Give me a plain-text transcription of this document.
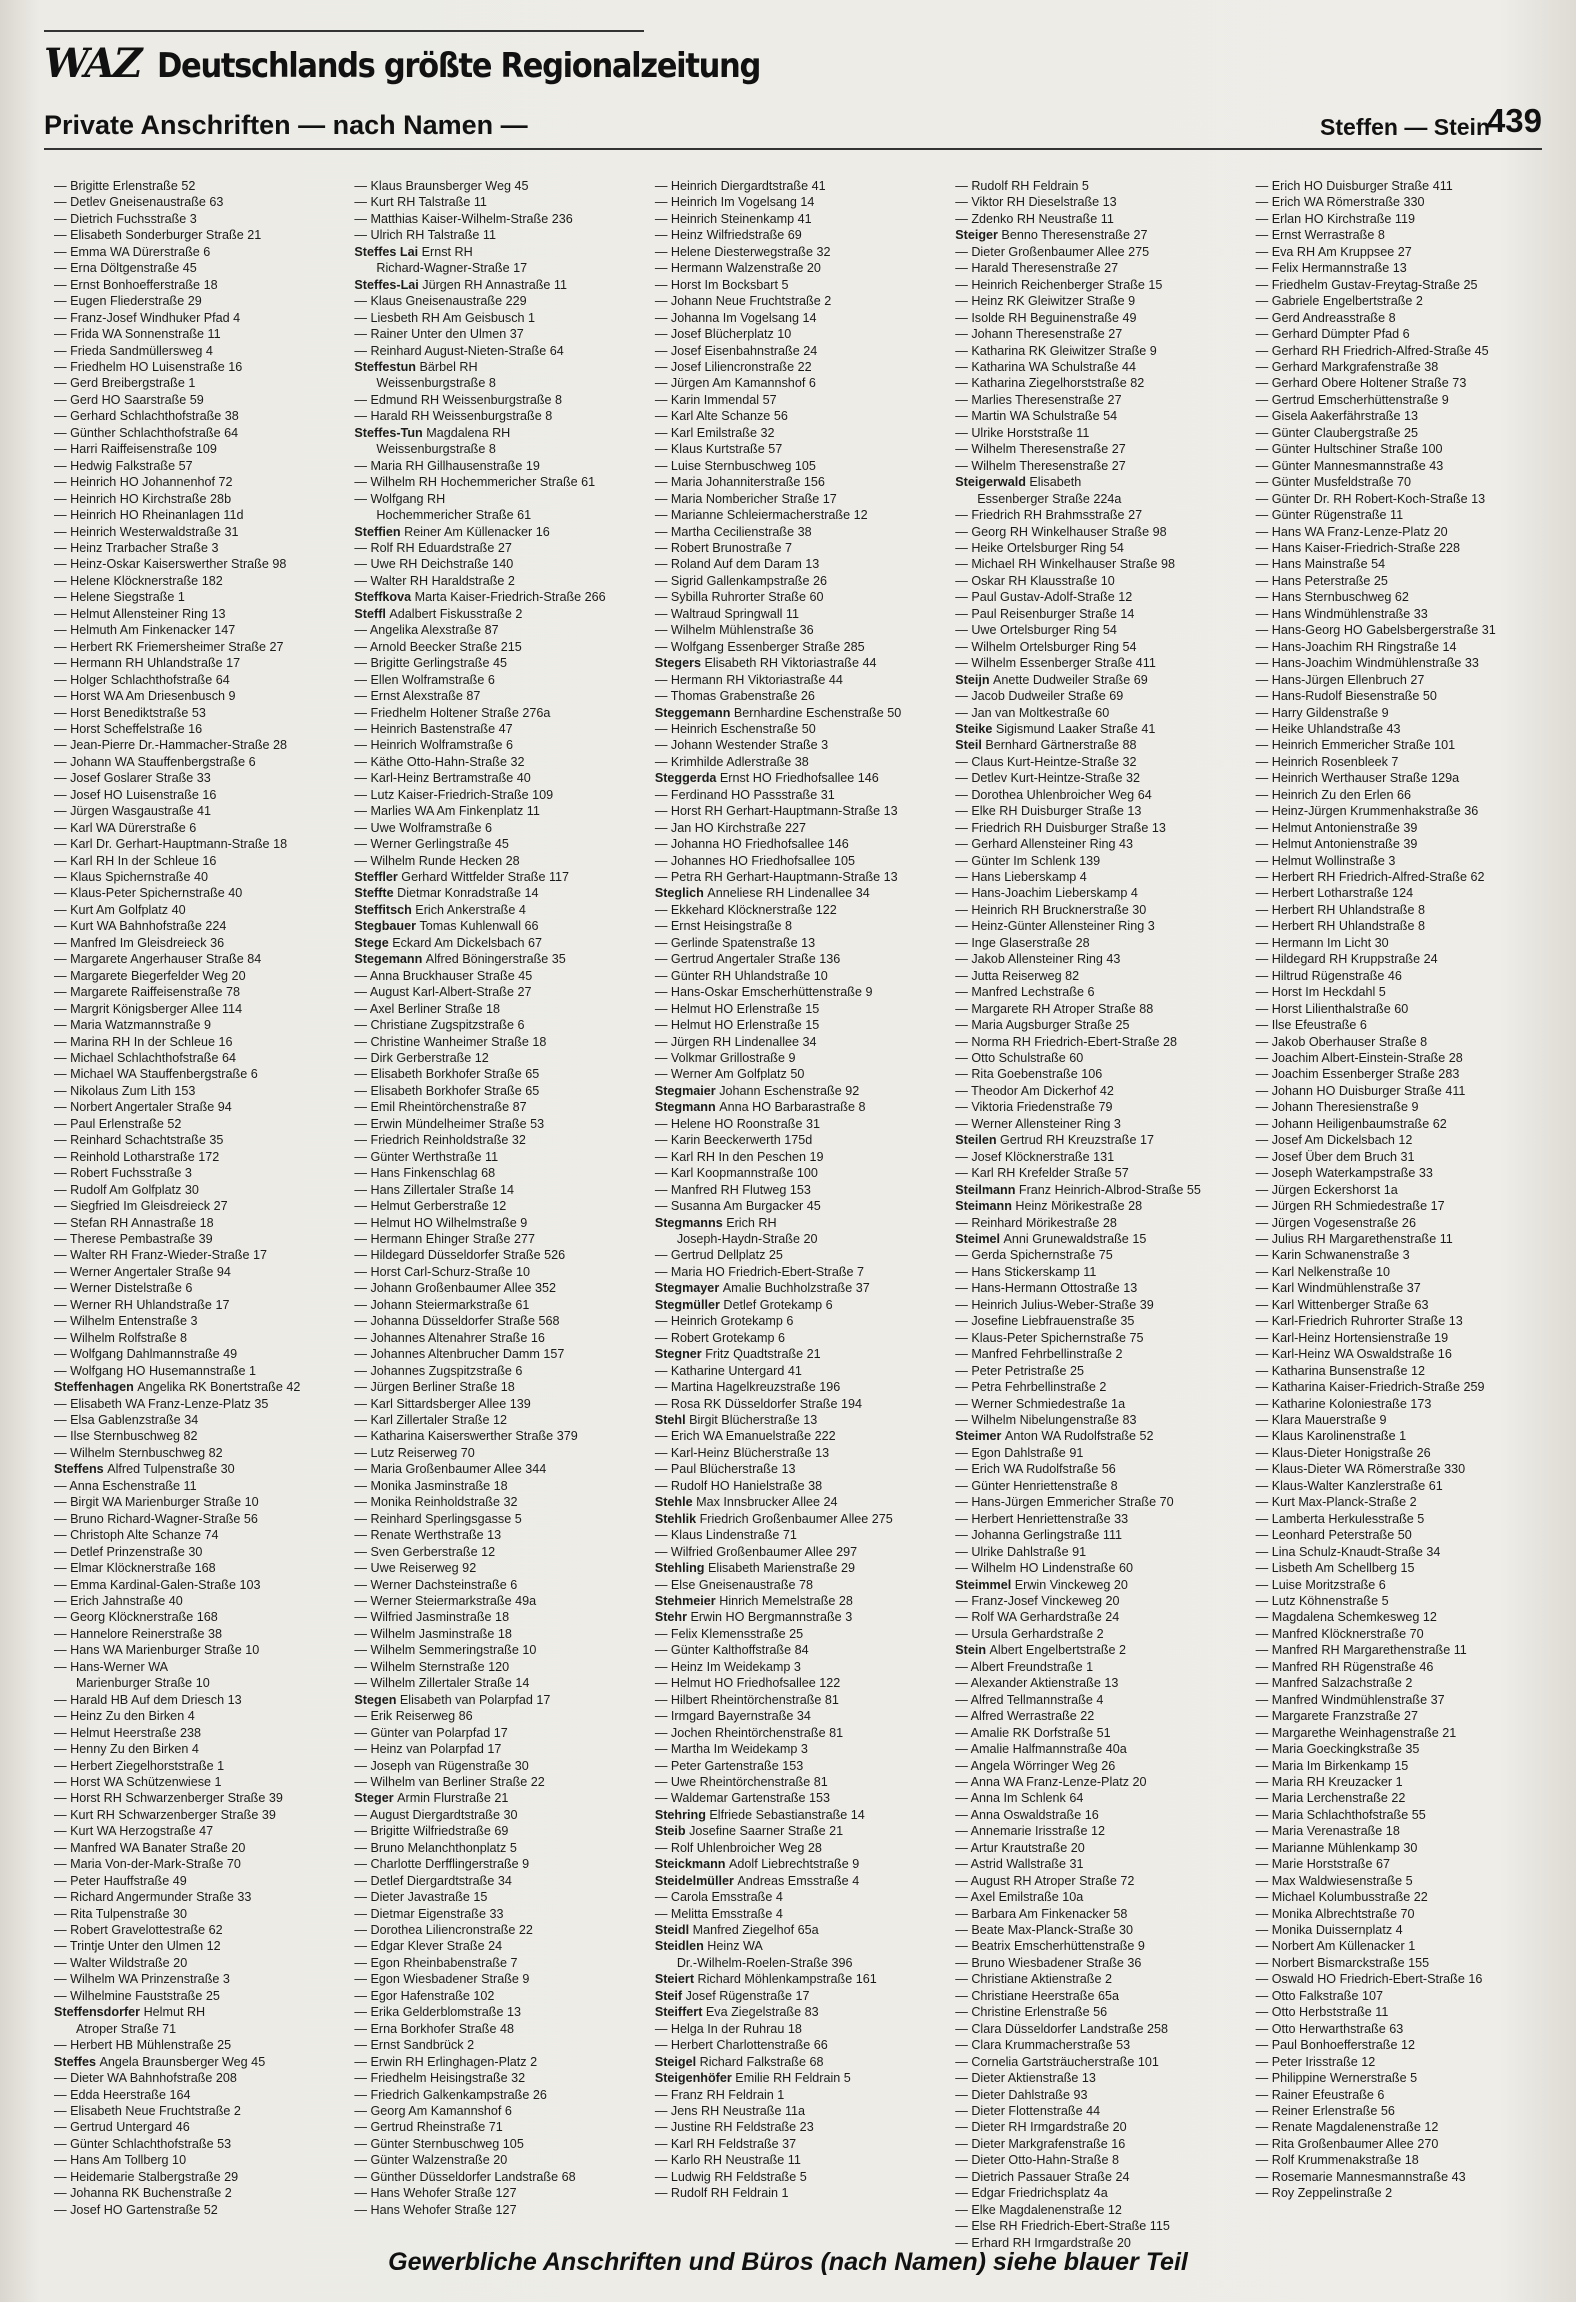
WAZ Deutschlands größte Regionalzeitung
Private Anschriften — nach Namen —	Steffen — Stein
439
— Brigitte Erlenstraße 52
— Detlev Gneisenaustraße 63
— Dietrich Fuchsstraße 3
— Elisabeth Sonderburger Straße 21
— Emma WA Dürerstraße 6
— Erna Döltgenstraße 45
— Ernst Bonhoefferstraße 18
— Eugen Fliederstraße 29
— Franz-Josef Windhuker Pfad 4
— Frida WA Sonnenstraße 11
— Frieda Sandmüllersweg 4
— Friedhelm HO Luisenstraße 16
— Gerd Breibergstraße 1
— Gerd HO Saarstraße 59
— Gerhard Schlachthofstraße 38
— Günther Schlachthofstraße 64
— Harri Raiffeisenstraße 109
— Hedwig Falkstraße 57
— Heinrich HO Johannenhof 72
— Heinrich HO Kirchstraße 28b
— Heinrich HO Rheinanlagen 11d
— Heinrich Westerwaldstraße 31
— Heinz Trarbacher Straße 3
— Heinz-Oskar Kaiserswerther Straße 98
— Helene Klöcknerstraße 182
— Helene Siegstraße 1
— Helmut Allensteiner Ring 13
— Helmuth Am Finkenacker 147
— Herbert RK Friemersheimer Straße 27
— Hermann RH Uhlandstraße 17
— Holger Schlachthofstraße 64
— Horst WA Am Driesenbusch 9
— Horst Benediktstraße 53
— Horst Scheffelstraße 16
— Jean-Pierre Dr.-Hammacher-Straße 28
— Johann WA Stauffenbergstraße 6
— Josef Goslarer Straße 33
— Josef HO Luisenstraße 16
— Jürgen Wasgaustraße 41
— Karl WA Dürerstraße 6
— Karl Dr. Gerhart-Hauptmann-Straße 18
— Karl RH In der Schleue 16
— Klaus Spichernstraße 40
— Klaus-Peter Spichernstraße 40
— Kurt Am Golfplatz 40
— Kurt WA Bahnhofstraße 224
— Manfred Im Gleisdreieck 36
— Margarete Angerhauser Straße 84
— Margarete Biegerfelder Weg 20
— Margarete Raiffeisenstraße 78
— Margrit Königsberger Allee 114
— Maria Watzmannstraße 9
— Marina RH In der Schleue 16
— Michael Schlachthofstraße 64
— Michael WA Stauffenbergstraße 6
— Nikolaus Zum Lith 153
— Norbert Angertaler Straße 94
— Paul Erlenstraße 52
— Reinhard Schachtstraße 35
— Reinhold Lotharstraße 172
— Robert Fuchsstraße 3
— Rudolf Am Golfplatz 30
— Siegfried Im Gleisdreieck 27
— Stefan RH Annastraße 18
— Therese Pembastraße 39
— Walter RH Franz-Wieder-Straße 17
— Werner Angertaler Straße 94
— Werner Distelstraße 6
— Werner RH Uhlandstraße 17
— Wilhelm Entenstraße 3
— Wilhelm Rolfstraße 8
— Wolfgang Dahlmannstraße 49
— Wolfgang HO Husemannstraße 1
Steffenhagen Angelika RK Bonertstraße 42
— Elisabeth WA Franz-Lenze-Platz 35
— Elsa Gablenzstraße 34
— Ilse Sternbuschweg 82
— Wilhelm Sternbuschweg 82
Steffens Alfred Tulpenstraße 30
— Anna Eschenstraße 11
— Birgit WA Marienburger Straße 10
— Bruno Richard-Wagner-Straße 56
— Christoph Alte Schanze 74
— Detlef Prinzenstraße 30
— Elmar Klöcknerstraße 168
— Emma Kardinal-Galen-Straße 103
— Erich Jahnstraße 40
— Georg Klöcknerstraße 168
— Hannelore Reinerstraße 38
— Hans WA Marienburger Straße 10
— Hans-Werner WA
Marienburger Straße 10
— Harald HB Auf dem Driesch 13
— Heinz Zu den Birken 4
— Helmut Heerstraße 238
— Henny Zu den Birken 4
— Herbert Ziegelhorststraße 1
— Horst WA Schützenwiese 1
— Horst RH Schwarzenberger Straße 39
— Kurt RH Schwarzenberger Straße 39
— Kurt WA Herzogstraße 47
— Manfred WA Banater Straße 20
— Maria Von-der-Mark-Straße 70
— Peter Hauffstraße 49
— Richard Angermunder Straße 33
— Rita Tulpenstraße 30
— Robert Gravelottestraße 62
— Trintje Unter den Ulmen 12
— Walter Wildstraße 20
— Wilhelm WA Prinzenstraße 3
— Wilhelmine Fauststraße 25
Steffensdorfer Helmut RH
Atroper Straße 71
— Herbert HB Mühlenstraße 25
Steffes Angela Braunsberger Weg 45
— Dieter WA Bahnhofstraße 208
— Edda Heerstraße 164
— Elisabeth Neue Fruchtstraße 2
— Gertrud Untergard 46
— Günter Schlachthofstraße 53
— Hans Am Tollberg 10
— Heidemarie Stalbergstraße 29
— Johanna RK Buchenstraße 2
— Josef HO Gartenstraße 52
— Klaus Braunsberger Weg 45
— Kurt RH Talstraße 11
— Matthias Kaiser-Wilhelm-Straße 236
— Ulrich RH Talstraße 11
Steffes Lai Ernst RH
Richard-Wagner-Straße 17
Steffes-Lai Jürgen RH Annastraße 11
— Klaus Gneisenaustraße 229
— Liesbeth RH Am Geisbusch 1
— Rainer Unter den Ulmen 37
— Reinhard August-Nieten-Straße 64
Steffestun Bärbel RH
Weissenburgstraße 8
— Edmund RH Weissenburgstraße 8
— Harald RH Weissenburgstraße 8
Steffes-Tun Magdalena RH
Weissenburgstraße 8
— Maria RH Gillhausenstraße 19
— Wilhelm RH Hochemmericher Straße 61
— Wolfgang RH
Hochemmericher Straße 61
Steffien Reiner Am Küllenacker 16
— Rolf RH Eduardstraße 27
— Uwe RH Deichstraße 140
— Walter RH Haraldstraße 2
Steffkova Marta Kaiser-Friedrich-Straße 266
Steffl Adalbert Fiskusstraße 2
— Angelika Alexstraße 87
— Arnold Beecker Straße 215
— Brigitte Gerlingstraße 45
— Ellen Wolframstraße 6
— Ernst Alexstraße 87
— Friedhelm Holtener Straße 276a
— Heinrich Bastenstraße 47
— Heinrich Wolframstraße 6
— Käthe Otto-Hahn-Straße 32
— Karl-Heinz Bertramstraße 40
— Lutz Kaiser-Friedrich-Straße 109
— Marlies WA Am Finkenplatz 11
— Uwe Wolframstraße 6
— Werner Gerlingstraße 45
— Wilhelm Runde Hecken 28
Steffler Gerhard Wittfelder Straße 117
Steffte Dietmar Konradstraße 14
Steffitsch Erich Ankerstraße 4
Stegbauer Tomas Kuhlenwall 66
Stege Eckard Am Dickelsbach 67
Stegemann Alfred Böningerstraße 35
— Anna Bruckhauser Straße 45
— August Karl-Albert-Straße 27
— Axel Berliner Straße 18
— Christiane Zugspitzstraße 6
— Christine Wanheimer Straße 18
— Dirk Gerberstraße 12
— Elisabeth Borkhofer Straße 65
— Elisabeth Borkhofer Straße 65
— Emil Rheintörchenstraße 87
— Erwin Mündelheimer Straße 53
— Friedrich Reinholdstraße 32
— Günter Werthstraße 11
— Hans Finkenschlag 68
— Hans Zillertaler Straße 14
— Helmut Gerberstraße 12
— Helmut HO Wilhelmstraße 9
— Hermann Ehinger Straße 277
— Hildegard Düsseldorfer Straße 526
— Horst Carl-Schurz-Straße 10
— Johann Großenbaumer Allee 352
— Johann Steiermarkstraße 61
— Johanna Düsseldorfer Straße 568
— Johannes Altenahrer Straße 16
— Johannes Altenbrucher Damm 157
— Johannes Zugspitzstraße 6
— Jürgen Berliner Straße 18
— Karl Sittardsberger Allee 139
— Karl Zillertaler Straße 12
— Katharina Kaiserswerther Straße 379
— Lutz Reiserweg 70
— Maria Großenbaumer Allee 344
— Monika Jasminstraße 18
— Monika Reinholdstraße 32
— Reinhard Sperlingsgasse 5
— Renate Werthstraße 13
— Sven Gerberstraße 12
— Uwe Reiserweg 92
— Werner Dachsteinstraße 6
— Werner Steiermarkstraße 49a
— Wilfried Jasminstraße 18
— Wilhelm Jasminstraße 18
— Wilhelm Semmeringstraße 10
— Wilhelm Sternstraße 120
— Wilhelm Zillertaler Straße 14
Stegen Elisabeth van Polarpfad 17
— Erik Reiserweg 86
— Günter van Polarpfad 17
— Heinz van Polarpfad 17
— Joseph van Rügenstraße 30
— Wilhelm van Berliner Straße 22
Steger Armin Flurstraße 21
— August Diergardtstraße 30
— Brigitte Wilfriedstraße 69
— Bruno Melanchthonplatz 5
— Charlotte Derfflingerstraße 9
— Detlef Diergardtstraße 34
— Dieter Javastraße 15
— Dietmar Eigenstraße 33
— Dorothea Liliencronstraße 22
— Edgar Klever Straße 24
— Egon Rheinbabenstraße 7
— Egon Wiesbadener Straße 9
— Egor Hafenstraße 102
— Erika Gelderblomstraße 13
— Erna Borkhofer Straße 48
— Ernst Sandbrück 2
— Erwin RH Erlinghagen-Platz 2
— Friedhelm Heisingstraße 32
— Friedrich Galkenkampstraße 26
— Georg Am Kamannshof 6
— Gertrud Rheinstraße 71
— Günter Sternbuschweg 105
— Günter Walzenstraße 20
— Günther Düsseldorfer Landstraße 68
— Hans Wehofer Straße 127
— Hans Wehofer Straße 127
— Heinrich Diergardtstraße 41
— Heinrich Im Vogelsang 14
— Heinrich Steinenkamp 41
— Heinz Wilfriedstraße 69
— Helene Diesterwegstraße 32
— Hermann Walzenstraße 20
— Horst Im Bocksbart 5
— Johann Neue Fruchtstraße 2
— Johanna Im Vogelsang 14
— Josef Blücherplatz 10
— Josef Eisenbahnstraße 24
— Josef Liliencronstraße 22
— Jürgen Am Kamannshof 6
— Karin Immendal 57
— Karl Alte Schanze 56
— Karl Emilstraße 32
— Klaus Kurtstraße 57
— Luise Sternbuschweg 105
— Maria Johanniterstraße 156
— Maria Nombericher Straße 17
— Marianne Schleiermacherstraße 12
— Martha Cecilienstraße 38
— Robert Brunostraße 7
— Roland Auf dem Daram 13
— Sigrid Gallenkampstraße 26
— Sybilla Ruhrorter Straße 60
— Waltraud Springwall 11
— Wilhelm Mühlenstraße 36
— Wolfgang Essenberger Straße 285
Stegers Elisabeth RH Viktoriastraße 44
— Hermann RH Viktoriastraße 44
— Thomas Grabenstraße 26
Steggemann Bernhardine Eschenstraße 50
— Heinrich Eschenstraße 50
— Johann Westender Straße 3
— Krimhilde Adlerstraße 38
Steggerda Ernst HO Friedhofsallee 146
— Ferdinand HO Passstraße 31
— Horst RH Gerhart-Hauptmann-Straße 13
— Jan HO Kirchstraße 227
— Johanna HO Friedhofsallee 146
— Johannes HO Friedhofsallee 105
— Petra RH Gerhart-Hauptmann-Straße 13
Steglich Anneliese RH Lindenallee 34
— Ekkehard Klöcknerstraße 122
— Ernst Heisingstraße 8
— Gerlinde Spatenstraße 13
— Gertrud Angertaler Straße 136
— Günter RH Uhlandstraße 10
— Hans-Oskar Emscherhüttenstraße 9
— Helmut HO Erlenstraße 15
— Helmut HO Erlenstraße 15
— Jürgen RH Lindenallee 34
— Volkmar Grillostraße 9
— Werner Am Golfplatz 50
Stegmaier Johann Eschenstraße 92
Stegmann Anna HO Barbarastraße 8
— Helene HO Roonstraße 31
— Karin Beeckerwerth 175d
— Karl RH In den Peschen 19
— Karl Koopmannstraße 100
— Manfred RH Flutweg 153
— Susanna Am Burgacker 45
Stegmanns Erich RH
Joseph-Haydn-Straße 20
— Gertrud Dellplatz 25
— Maria HO Friedrich-Ebert-Straße 7
Stegmayer Amalie Buchholzstraße 37
Stegmüller Detlef Grotekamp 6
— Heinrich Grotekamp 6
— Robert Grotekamp 6
Stegner Fritz Quadtstraße 21
— Katharine Untergard 41
— Martina Hagelkreuzstraße 196
— Rosa RK Düsseldorfer Straße 194
Stehl Birgit Blücherstraße 13
— Erich WA Emanuelstraße 222
— Karl-Heinz Blücherstraße 13
— Paul Blücherstraße 13
— Rudolf HO Hanielstraße 38
Stehle Max Innsbrucker Allee 24
Stehlik Friedrich Großenbaumer Allee 275
— Klaus Lindenstraße 71
— Wilfried Großenbaumer Allee 297
Stehling Elisabeth Marienstraße 29
— Else Gneisenaustraße 78
Stehmeier Hinrich Memelstraße 28
Stehr Erwin HO Bergmannstraße 3
— Felix Klemensstraße 25
— Günter Kalthoffstraße 84
— Heinz Im Weidekamp 3
— Helmut HO Friedhofsallee 122
— Hilbert Rheintörchenstraße 81
— Irmgard Bayernstraße 34
— Jochen Rheintörchenstraße 81
— Martha Im Weidekamp 3
— Peter Gartenstraße 153
— Uwe Rheintörchenstraße 81
— Waldemar Gartenstraße 153
Stehring Elfriede Sebastianstraße 14
Steib Josefine Saarner Straße 21
— Rolf Uhlenbroicher Weg 28
Steickmann Adolf Liebrechtstraße 9
Steidelmüller Andreas Emsstraße 4
— Carola Emsstraße 4
— Melitta Emsstraße 4
Steidl Manfred Ziegelhof 65a
Steidlen Heinz WA
Dr.-Wilhelm-Roelen-Straße 396
Steiert Richard Möhlenkampstraße 161
Steif Josef Rügenstraße 17
Steiffert Eva Ziegelstraße 83
— Helga In der Ruhrau 18
— Herbert Charlottenstraße 66
Steigel Richard Falkstraße 68
Steigenhöfer Emilie RH Feldrain 5
— Franz RH Feldrain 1
— Jens RH Neustraße 11a
— Justine RH Feldstraße 23
— Karl RH Feldstraße 37
— Karlo RH Neustraße 11
— Ludwig RH Feldstraße 5
— Rudolf RH Feldrain 1
— Rudolf RH Feldrain 5
— Viktor RH Dieselstraße 13
— Zdenko RH Neustraße 11
Steiger Benno Theresenstraße 27
— Dieter Großenbaumer Allee 275
— Harald Theresenstraße 27
— Heinrich Reichenberger Straße 15
— Heinz RK Gleiwitzer Straße 9
— Isolde RH Beguinenstraße 49
— Johann Theresenstraße 27
— Katharina RK Gleiwitzer Straße 9
— Katharina WA Schulstraße 44
— Katharina Ziegelhorststraße 82
— Marlies Theresenstraße 27
— Martin WA Schulstraße 54
— Ulrike Horststraße 11
— Wilhelm Theresenstraße 27
— Wilhelm Theresenstraße 27
Steigerwald Elisabeth
Essenberger Straße 224a
— Friedrich RH Brahmsstraße 27
— Georg RH Winkelhauser Straße 98
— Heike Ortelsburger Ring 54
— Michael RH Winkelhauser Straße 98
— Oskar RH Klausstraße 10
— Paul Gustav-Adolf-Straße 12
— Paul Reisenburger Straße 14
— Uwe Ortelsburger Ring 54
— Wilhelm Ortelsburger Ring 54
— Wilhelm Essenberger Straße 411
Steijn Anette Dudweiler Straße 69
— Jacob Dudweiler Straße 69
— Jan van Moltkestraße 60
Steike Sigismund Laaker Straße 41
Steil Bernhard Gärtnerstraße 88
— Claus Kurt-Heintze-Straße 32
— Detlev Kurt-Heintze-Straße 32
— Dorothea Uhlenbroicher Weg 64
— Elke RH Duisburger Straße 13
— Friedrich RH Duisburger Straße 13
— Gerhard Allensteiner Ring 43
— Günter Im Schlenk 139
— Hans Lieberskamp 4
— Hans-Joachim Lieberskamp 4
— Heinrich RH Brucknerstraße 30
— Heinz-Günter Allensteiner Ring 3
— Inge Glaserstraße 28
— Jakob Allensteiner Ring 43
— Jutta Reiserweg 82
— Manfred Lechstraße 6
— Margarete RH Atroper Straße 88
— Maria Augsburger Straße 25
— Norma RH Friedrich-Ebert-Straße 28
— Otto Schulstraße 60
— Rita Goebenstraße 106
— Theodor Am Dickerhof 42
— Viktoria Friedenstraße 79
— Werner Allensteiner Ring 3
Steilen Gertrud RH Kreuzstraße 17
— Josef Klöcknerstraße 131
— Karl RH Krefelder Straße 57
Steilmann Franz Heinrich-Albrod-Straße 55
Steimann Heinz Mörikestraße 28
— Reinhard Mörikestraße 28
Steimel Anni Grunewaldstraße 15
— Gerda Spichernstraße 75
— Hans Stickerskamp 11
— Hans-Hermann Ottostraße 13
— Heinrich Julius-Weber-Straße 39
— Josefine Liebfrauenstraße 35
— Klaus-Peter Spichernstraße 75
— Manfred Fehrbellinstraße 2
— Peter Petristraße 25
— Petra Fehrbellinstraße 2
— Werner Schmiedestraße 1a
— Wilhelm Nibelungenstraße 83
Steimer Anton WA Rudolfstraße 52
— Egon Dahlstraße 91
— Erich WA Rudolfstraße 56
— Günter Henriettenstraße 8
— Hans-Jürgen Emmericher Straße 70
— Herbert Henriettenstraße 33
— Johanna Gerlingstraße 111
— Ulrike Dahlstraße 91
— Wilhelm HO Lindenstraße 60
Steimmel Erwin Vinckeweg 20
— Franz-Josef Vinckeweg 20
— Rolf WA Gerhardstraße 24
— Ursula Gerhardstraße 2
Stein Albert Engelbertstraße 2
— Albert Freundstraße 1
— Alexander Aktienstraße 13
— Alfred Tellmannstraße 4
— Alfred Werrastraße 22
— Amalie RK Dorfstraße 51
— Amalie Halfmannstraße 40a
— Angela Wörringer Weg 26
— Anna WA Franz-Lenze-Platz 20
— Anna Im Schlenk 64
— Anna Oswaldstraße 16
— Annemarie Irisstraße 12
— Artur Krautstraße 20
— Astrid Wallstraße 31
— August RH Atroper Straße 72
— Axel Emilstraße 10a
— Barbara Am Finkenacker 58
— Beate Max-Planck-Straße 30
— Beatrix Emscherhüttenstraße 9
— Bruno Wiesbadener Straße 36
— Christiane Aktienstraße 2
— Christiane Heerstraße 65a
— Christine Erlenstraße 56
— Clara Düsseldorfer Landstraße 258
— Clara Krummacherstraße 53
— Cornelia Gartsträucherstraße 101
— Dieter Aktienstraße 13
— Dieter Dahlstraße 93
— Dieter Flottenstraße 44
— Dieter RH Irmgardstraße 20
— Dieter Markgrafenstraße 16
— Dieter Otto-Hahn-Straße 8
— Dietrich Passauer Straße 24
— Edgar Friedrichsplatz 4a
— Elke Magdalenenstraße 12
— Else RH Friedrich-Ebert-Straße 115
— Erhard RH Irmgardstraße 20
— Erich HO Duisburger Straße 411
— Erich WA Römerstraße 330
— Erlan HO Kirchstraße 119
— Ernst Werrastraße 8
— Eva RH Am Kruppsee 27
— Felix Hermannstraße 13
— Friedhelm Gustav-Freytag-Straße 25
— Gabriele Engelbertstraße 2
— Gerd Andreasstraße 8
— Gerhard Dümpter Pfad 6
— Gerhard RH Friedrich-Alfred-Straße 45
— Gerhard Markgrafenstraße 38
— Gerhard Obere Holtener Straße 73
— Gertrud Emscherhüttenstraße 9
— Gisela Aakerfährstraße 13
— Günter Claubergstraße 25
— Günter Hultschiner Straße 100
— Günter Mannesmannstraße 43
— Günter Musfeldstraße 70
— Günter Dr. RH Robert-Koch-Straße 13
— Günter Rügenstraße 11
— Hans WA Franz-Lenze-Platz 20
— Hans Kaiser-Friedrich-Straße 228
— Hans Mainstraße 54
— Hans Peterstraße 25
— Hans Sternbuschweg 62
— Hans Windmühlenstraße 33
— Hans-Georg HO Gabelsbergerstraße 31
— Hans-Joachim RH Ringstraße 14
— Hans-Joachim Windmühlenstraße 33
— Hans-Jürgen Ellenbruch 27
— Hans-Rudolf Biesenstraße 50
— Harry Gildenstraße 9
— Heike Uhlandstraße 43
— Heinrich Emmericher Straße 101
— Heinrich Rosenbleek 7
— Heinrich Werthauser Straße 129a
— Heinrich Zu den Erlen 66
— Heinz-Jürgen Krummenhakstraße 36
— Helmut Antonienstraße 39
— Helmut Antonienstraße 39
— Helmut Wollinstraße 3
— Herbert RH Friedrich-Alfred-Straße 62
— Herbert Lotharstraße 124
— Herbert RH Uhlandstraße 8
— Herbert RH Uhlandstraße 8
— Hermann Im Licht 30
— Hildegard RH Kruppstraße 24
— Hiltrud Rügenstraße 46
— Horst Im Heckdahl 5
— Horst Lilienthalstraße 60
— Ilse Efeustraße 6
— Jakob Oberhauser Straße 8
— Joachim Albert-Einstein-Straße 28
— Joachim Essenberger Straße 283
— Johann HO Duisburger Straße 411
— Johann Theresienstraße 9
— Johann Heiligenbaumstraße 62
— Josef Am Dickelsbach 12
— Josef Über dem Bruch 31
— Joseph Waterkampstraße 33
— Jürgen Eckershorst 1a
— Jürgen RH Schmiedestraße 17
— Jürgen Vogesenstraße 26
— Julius RH Margarethenstraße 11
— Karin Schwanenstraße 3
— Karl Nelkenstraße 10
— Karl Windmühlenstraße 37
— Karl Wittenberger Straße 63
— Karl-Friedrich Ruhrorter Straße 13
— Karl-Heinz Hortensienstraße 19
— Karl-Heinz WA Oswaldstraße 16
— Katharina Bunsenstraße 12
— Katharina Kaiser-Friedrich-Straße 259
— Katharine Koloniestraße 173
— Klara Mauerstraße 9
— Klaus Karolinenstraße 1
— Klaus-Dieter Honigstraße 26
— Klaus-Dieter WA Römerstraße 330
— Klaus-Walter Kanzlerstraße 61
— Kurt Max-Planck-Straße 2
— Lamberta Herkulesstraße 5
— Leonhard Peterstraße 50
— Lina Schulz-Knaudt-Straße 34
— Lisbeth Am Schellberg 15
— Luise Moritzstraße 6
— Lutz Köhnenstraße 5
— Magdalena Schemkesweg 12
— Manfred Klöcknerstraße 70
— Manfred RH Margarethenstraße 11
— Manfred RH Rügenstraße 46
— Manfred Salzachstraße 2
— Manfred Windmühlenstraße 37
— Margarete Franzstraße 27
— Margarethe Weinhagenstraße 21
— Maria Goeckingkstraße 35
— Maria Im Birkenkamp 15
— Maria RH Kreuzacker 1
— Maria Lerchenstraße 22
— Maria Schlachthofstraße 55
— Maria Verenastraße 18
— Marianne Mühlenkamp 30
— Marie Horststraße 67
— Max Waldwiesenstraße 5
— Michael Kolumbusstraße 22
— Monika Albrechtstraße 70
— Monika Duissernplatz 4
— Norbert Am Küllenacker 1
— Norbert Bismarckstraße 155
— Oswald HO Friedrich-Ebert-Straße 16
— Otto Falkstraße 107
— Otto Herbststraße 11
— Otto Herwarthstraße 63
— Paul Bonhoefferstraße 12
— Peter Irisstraße 12
— Philippine Wernerstraße 5
— Rainer Efeustraße 6
— Reiner Erlenstraße 56
— Renate Magdalenenstraße 12
— Rita Großenbaumer Allee 270
— Rolf Krummenakstraße 18
— Rosemarie Mannesmannstraße 43
— Roy Zeppelinstraße 2
Gewerbliche Anschriften und Büros (nach Namen) siehe blauer Teil
